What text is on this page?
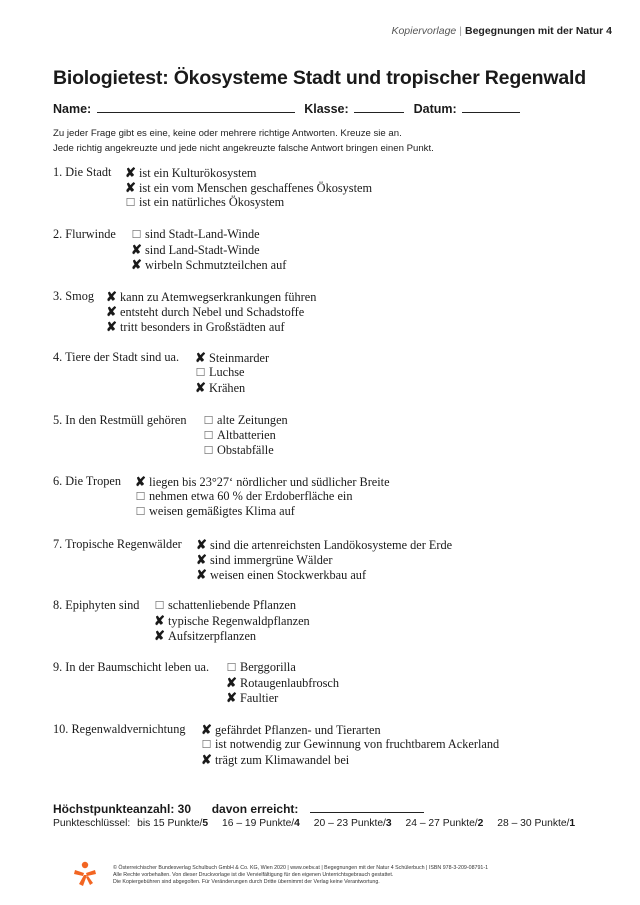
Kopiervorlage | Begegnungen mit der Natur 4
Biologietest: Ökosysteme Stadt und tropischer Regenwald
Name:	Klasse:	Datum:
Zu jeder Frage gibt es eine, keine oder mehrere richtige Antworten. Kreuze sie an.
Jede richtig angekreuzte und jede nicht angekreuzte falsche Antwort bringen einen Punkt.
1. Die Stadt ✘ ist ein Kulturökosystem
✘ ist ein vom Menschen geschaffenes Ökosystem
☐ ist ein natürliches Ökosystem
2. Flurwinde ☐ sind Stadt-Land-Winde
✘ sind Land-Stadt-Winde
✘ wirbeln Schmutzteilchen auf
3. Smog ✘ kann zu Atemwegserkrankungen führen
✘ entsteht durch Nebel und Schadstoffe
✘ tritt besonders in Großstädten auf
4. Tiere der Stadt sind ua. ✘ Steinmarder
☐ Luchse
✘ Krähen
5. In den Restmüll gehören ☐ alte Zeitungen
☐ Altbatterien
☐ Obstabfälle
6. Die Tropen ✘ liegen bis 23°27‘ nördlicher und südlicher Breite
☐ nehmen etwa 60 % der Erdoberfläche ein
☐ weisen gemäßigtes Klima auf
7. Tropische Regenwälder ✘ sind die artenreichsten Landökosysteme der Erde
✘ sind immergrüne Wälder
✘ weisen einen Stockwerkbau auf
8. Epiphyten sind ☐ schattenliebende Pflanzen
✘ typische Regenwaldpflanzen
✘ Aufsitzerpflanzen
9. In der Baumschicht leben ua. ☐ Berggorilla
✘ Rotaugenlaubfrosch
✘ Faultier
10. Regenwaldvernichtung ✘ gefährdet Pflanzen- und Tierarten
☐ ist notwendig zur Gewinnung von fruchtbarem Ackerland
✘ trägt zum Klimawandel bei
Höchstpunkteanzahl: 30 davon erreicht:
Punkteschlüssel: bis 15 Punkte/5 16 – 19 Punkte/4 20 – 23 Punkte/3 24 – 27 Punkte/2 28 – 30 Punkte/1
© Österreichischer Bundesverlag Schulbuch GmbH & Co. KG, Wien 2020 | www.oebv.at | Begegnungen mit der Natur 4 Schülerbuch | ISBN 978-3-209-08791-1
Alle Rechte vorbehalten. Von dieser Druckvorlage ist die Vervielfältigung für den eigenen Unterrichtsgebrauch gestattet.
Die Kopiergebühren sind abgegolten. Für Veränderungen durch Dritte übernimmt der Verlag keine Verantwortung.
